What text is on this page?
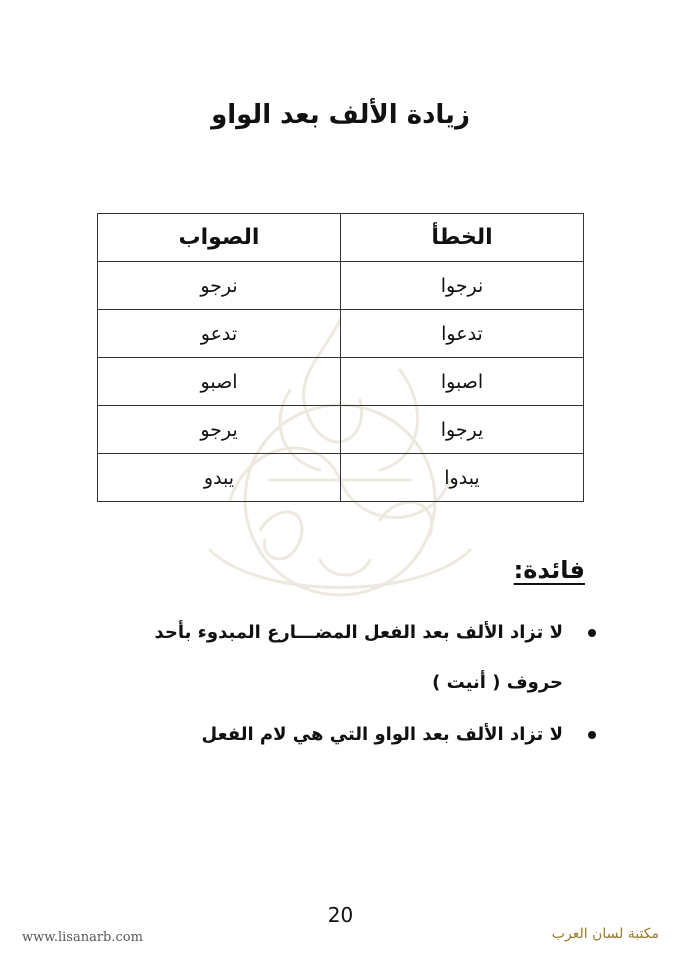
زيادة الألف بعد الواو
الخطأ	الصواب
نرجوا	نرجو
تدعوا	تدعو
اصبوا	اصبو
يرجوا	يرجو
يبدوا	يبدو
فائدة:
لا تزاد الألف بعد الفعل المضـــارع المبدوء بأحد حروف ( أنيت )
لا تزاد الألف بعد الواو التي هي لام الفعل
20
www.lisanarb.com	مكتبة لسان العرب
